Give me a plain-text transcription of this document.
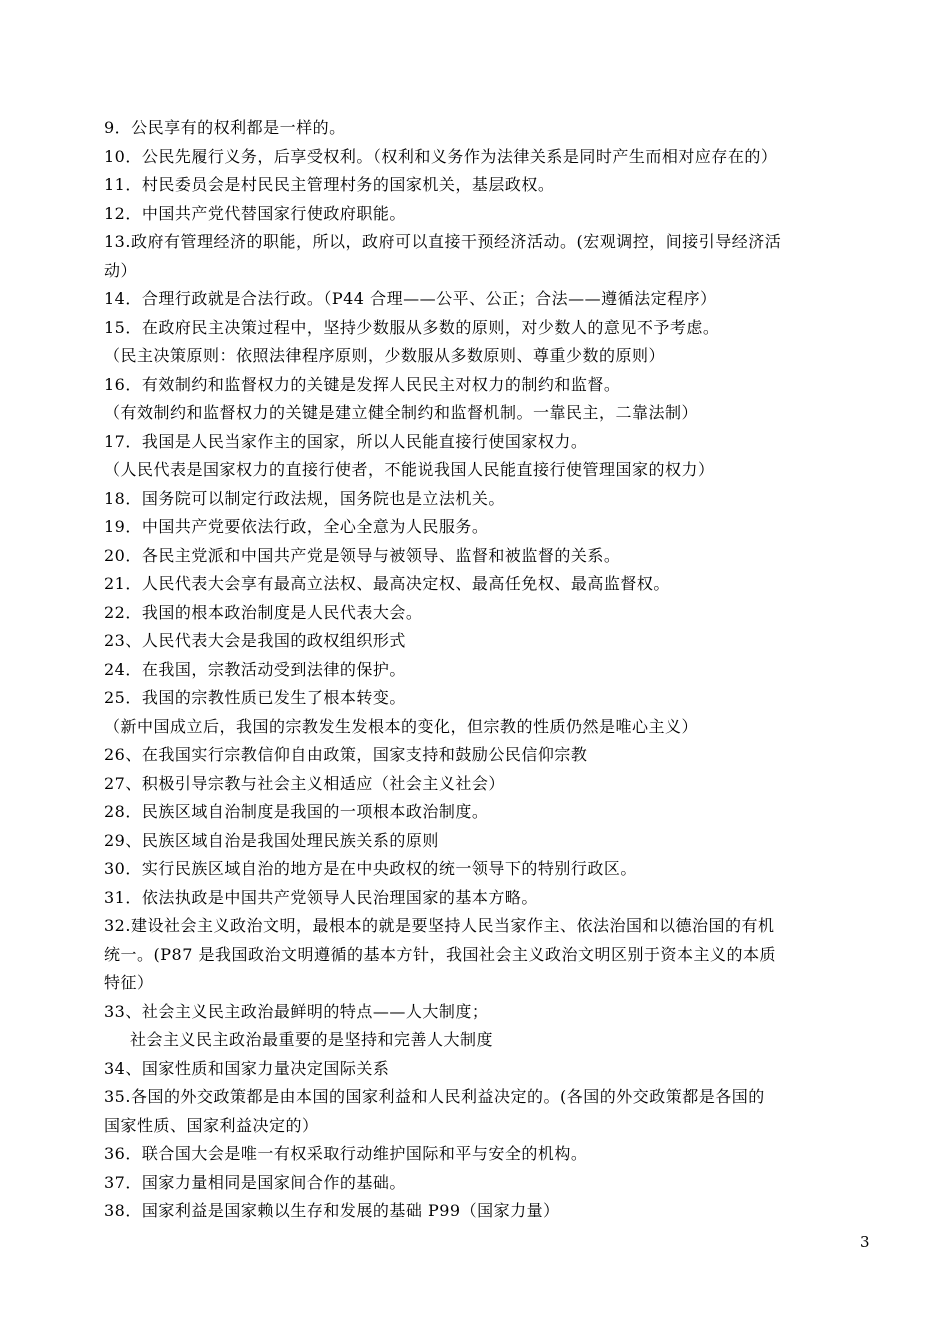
9．公民享有的权利都是一样的。
10．公民先履行义务，后享受权利。（权利和义务作为法律关系是同时产生而相对应存在的）
11．村民委员会是村民民主管理村务的国家机关，基层政权。
12．中国共产党代替国家行使政府职能。
13.政府有管理经济的职能，所以，政府可以直接干预经济活动。(宏观调控，间接引导经济活
动）
14．合理行政就是合法行政。（P44 合理——公平、公正；合法——遵循法定程序）
15．在政府民主决策过程中，坚持少数服从多数的原则，对少数人的意见不予考虑。
（民主决策原则：依照法律程序原则，少数服从多数原则、尊重少数的原则）
16．有效制约和监督权力的关键是发挥人民民主对权力的制约和监督。
（有效制约和监督权力的关键是建立健全制约和监督机制。一靠民主，二靠法制）
17．我国是人民当家作主的国家，所以人民能直接行使国家权力。
（人民代表是国家权力的直接行使者，不能说我国人民能直接行使管理国家的权力）
18．国务院可以制定行政法规，国务院也是立法机关。
19．中国共产党要依法行政，全心全意为人民服务。
20．各民主党派和中国共产党是领导与被领导、监督和被监督的关系。
21．人民代表大会享有最高立法权、最高决定权、最高任免权、最高监督权。
22．我国的根本政治制度是人民代表大会。
23、人民代表大会是我国的政权组织形式
24．在我国，宗教活动受到法律的保护。
25．我国的宗教性质已发生了根本转变。
（新中国成立后，我国的宗教发生发根本的变化，但宗教的性质仍然是唯心主义）
26、在我国实行宗教信仰自由政策，国家支持和鼓励公民信仰宗教
27、积极引导宗教与社会主义相适应（社会主义社会）
28．民族区域自治制度是我国的一项根本政治制度。
29、民族区域自治是我国处理民族关系的原则
30．实行民族区域自治的地方是在中央政权的统一领导下的特别行政区。
31．依法执政是中国共产党领导人民治理国家的基本方略。
32.建设社会主义政治文明，最根本的就是要坚持人民当家作主、依法治国和以德治国的有机
统一。(P87 是我国政治文明遵循的基本方针，我国社会主义政治文明区别于资本主义的本质
特征）
33、社会主义民主政治最鲜明的特点——人大制度；
社会主义民主政治最重要的是坚持和完善人大制度
34、国家性质和国家力量决定国际关系
35.各国的外交政策都是由本国的国家利益和人民利益决定的。(各国的外交政策都是各国的
国家性质、国家利益决定的）
36．联合国大会是唯一有权采取行动维护国际和平与安全的机构。
37．国家力量相同是国家间合作的基础。
38．国家利益是国家赖以生存和发展的基础 P99（国家力量）
3
